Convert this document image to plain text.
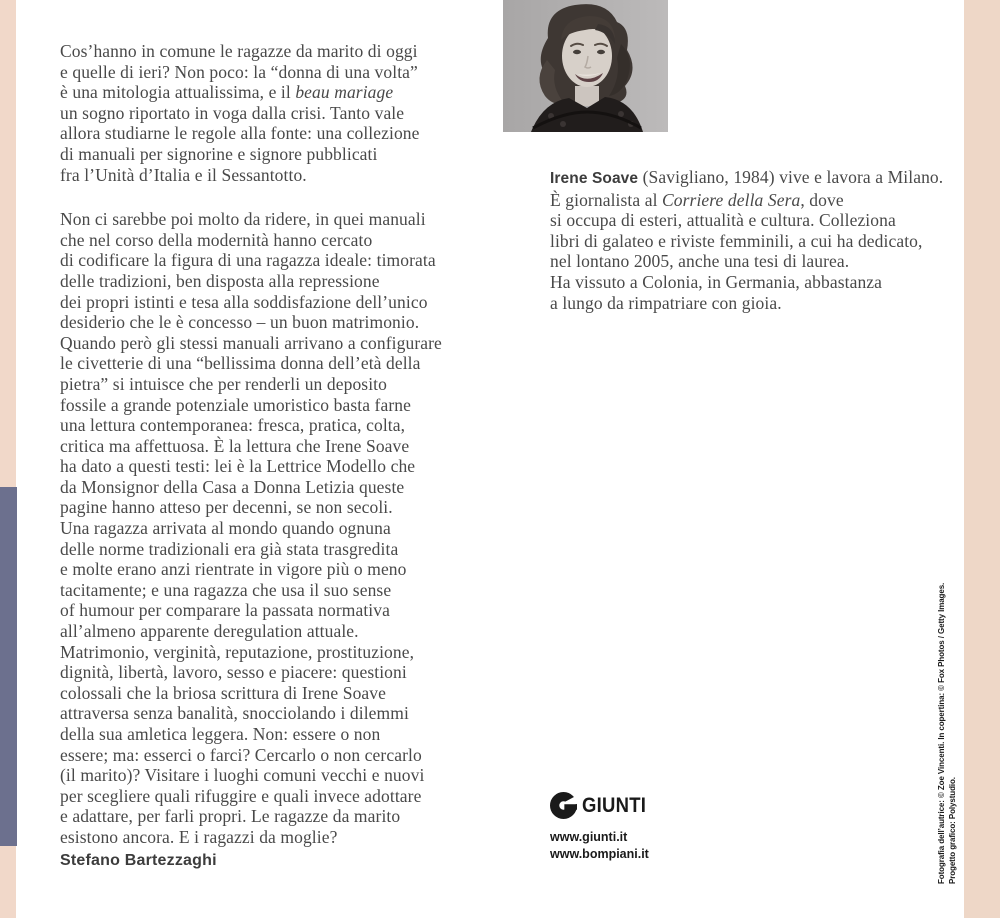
Cos’hanno in comune le ragazze da marito di oggi
e quelle di ieri? Non poco: la “donna di una volta”
è una mitologia attualissima, e il beau mariage
un sogno riportato in voga dalla crisi. Tanto vale
allora studiarne le regole alla fonte: una collezione
di manuali per signorine e signore pubblicati
fra l’Unità d’Italia e il Sessantotto.
Non ci sarebbe poi molto da ridere, in quei manuali
che nel corso della modernità hanno cercato
di codificare la figura di una ragazza ideale: timorata
delle tradizioni, ben disposta alla repressione
dei propri istinti e tesa alla soddisfazione dell’unico
desiderio che le è concesso – un buon matrimonio.
Quando però gli stessi manuali arrivano a configurare
le civetterie di una “bellissima donna dell’età della
pietra” si intuisce che per renderli un deposito
fossile a grande potenziale umoristico basta farne
una lettura contemporanea: fresca, pratica, colta,
critica ma affettuosa. È la lettura che Irene Soave
ha dato a questi testi: lei è la Lettrice Modello che
da Monsignor della Casa a Donna Letizia queste
pagine hanno atteso per decenni, se non secoli.
Una ragazza arrivata al mondo quando ognuna
delle norme tradizionali era già stata trasgredita
e molte erano anzi rientrate in vigore più o meno
tacitamente; e una ragazza che usa il suo sense
of humour per comparare la passata normativa
all’almeno apparente deregulation attuale.
Matrimonio, verginità, reputazione, prostituzione,
dignità, libertà, lavoro, sesso e piacere: questioni
colossali che la briosa scrittura di Irene Soave
attraversa senza banalità, snocciolando i dilemmi
della sua amletica leggera. Non: essere o non
essere; ma: esserci o farci? Cercarlo o non cercarlo
(il marito)? Visitare i luoghi comuni vecchi e nuovi
per scegliere quali rifuggire e quali invece adottare
e adattare, per farli propri. Le ragazze da marito
esistono ancora. E i ragazzi da moglie?
Stefano Bartezzaghi
Irene Soave (Savigliano, 1984) vive e lavora a Milano.
È giornalista al Corriere della Sera, dove
si occupa di esteri, attualità e cultura. Colleziona
libri di galateo e riviste femminili, a cui ha dedicato,
nel lontano 2005, anche una tesi di laurea.
Ha vissuto a Colonia, in Germania, abbastanza
a lungo da rimpatriare con gioia.
GIUNTI
www.giunti.it
www.bompiani.it	Fotografia dell’autrice: © Zoe Vincenti. In copertina: © Fox Photos / Getty Images. Progetto grafico: Polystudio.
